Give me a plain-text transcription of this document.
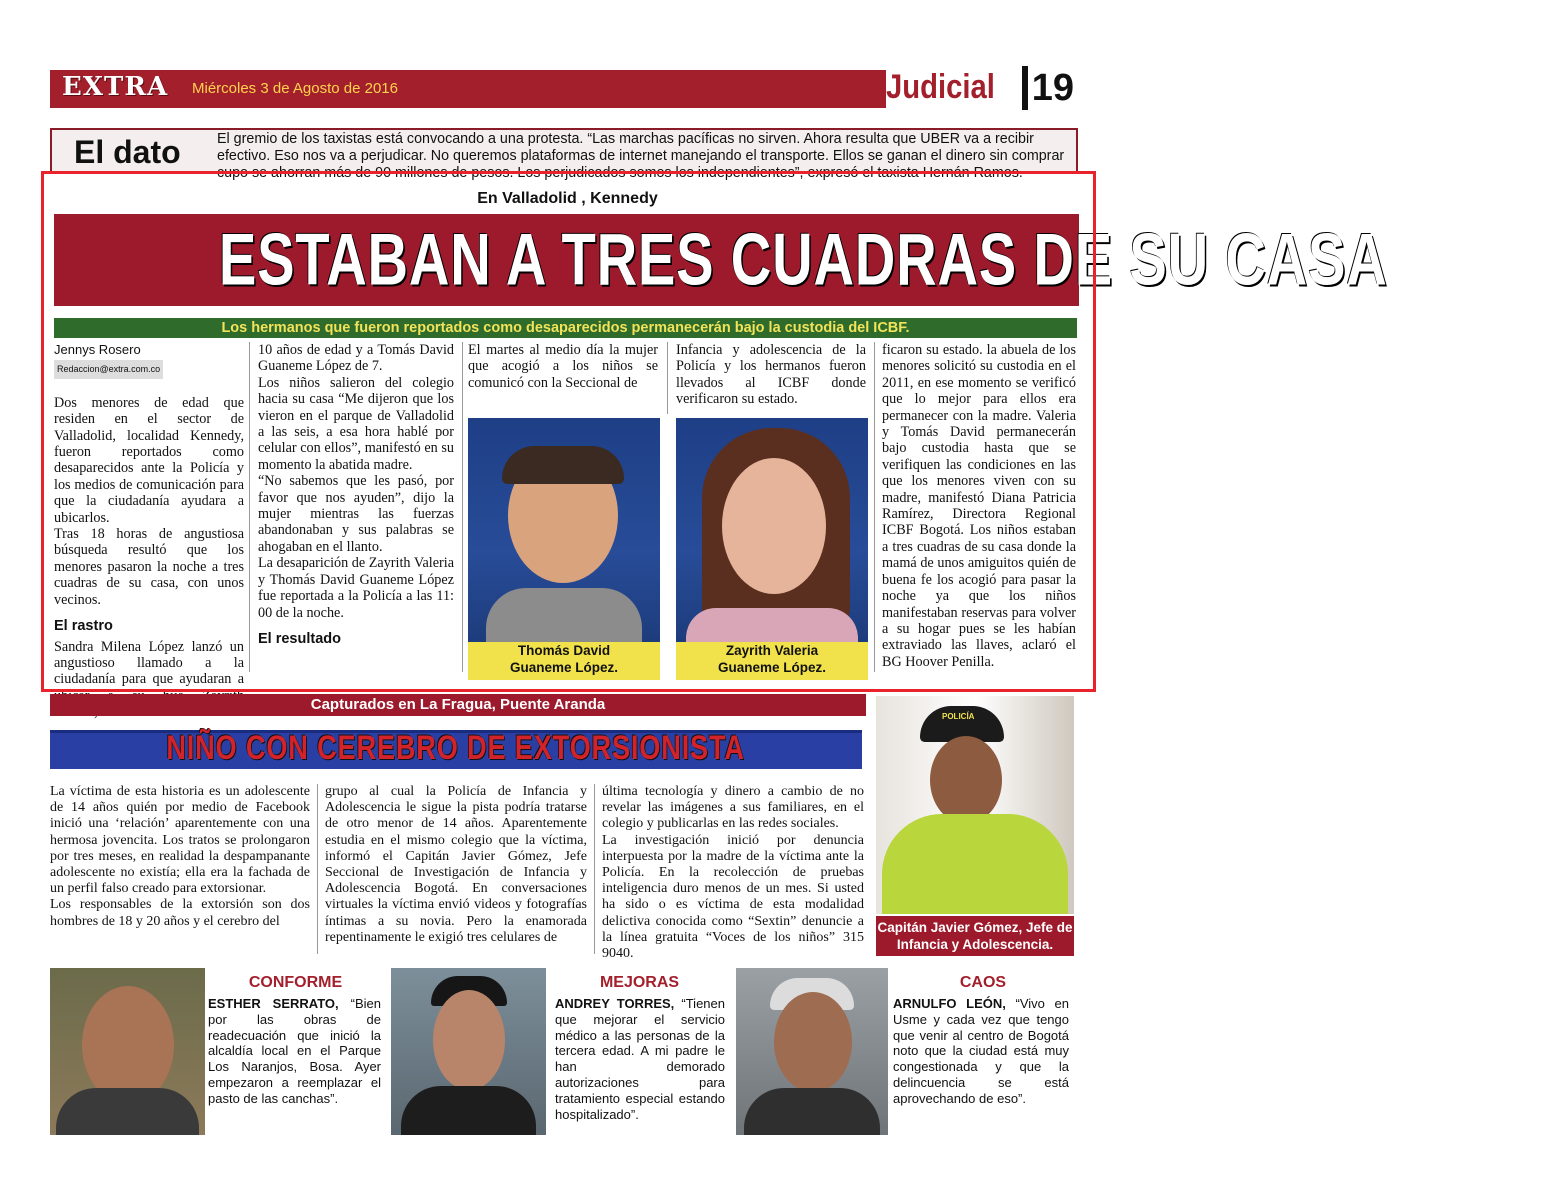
EXTRA Miércoles 3 de Agosto de 2016	Judicial 19
El dato	El gremio de los taxistas está convocando a una protesta. “Las marchas pacíficas no sirven. Ahora resulta que UBER va a recibir efectivo. Eso nos va a perjudicar. No queremos plataformas de internet manejando el transporte. Ellos se ganan el dinero sin comprar cupo se ahorran más de 90 millones de pesos. Los perjudicados somos los independientes”, expresó el taxista Hernán Ramos.
En Valladolid , Kennedy
ESTABAN A TRES CUADRAS DE SU CASA
Los hermanos que fueron reportados como desaparecidos permanecerán bajo la custodia del ICBF.
Jennys Rosero
Redaccion@extra.com.co
Dos menores de edad que residen en el sector de Valladolid, localidad Kennedy, fueron reportados como desaparecidos ante la Policía y los medios de comunicación para que la ciudadanía ayudara a ubicarlos.
Tras 18 horas de angustiosa búsqueda resultó que los menores pasaron la noche a tres cuadras de su casa, con unos vecinos.
El rastro
Sandra Milena López lanzó un angustioso llamado a la ciudadanía para que ayudaran a
10 años de edad y a Tomás David Guaneme López de 7.
Los niños salieron del colegio hacia su casa “Me dijeron que los vieron en el parque de Valladolid a las seis, a esa hora hablé por celular con ellos”, manifestó en su momento la abatida madre.
“No sabemos que les pasó, por favor que nos ayuden”, dijo la mujer mientras las fuerzas abandonaban y sus palabras se ahogaban en el llanto.
La desaparición de Zayrith Valeria y Thomás David Guaneme López fue reportada a la Policía a las 11: 00 de la noche.
El resultado
El martes al medio día la mujer que acogió a los niños se comunicó con la Seccional de
Infancia y adolescencia de la Policía y los hermanos fueron llevados al ICBF donde verificaron su estado.
Thomás David
Guaneme López.
Zayrith Valeria
Guaneme López.
ficaron su estado. la abuela de los menores solicitó su custodia en el 2011, en ese momento se verificó que lo mejor para ellos era permanecer con la madre. Valeria y Tomás David permanecerán bajo custodia hasta que se verifiquen las condiciones en las que los menores viven con su madre, manifestó Diana Patricia Ramírez, Directora Regional ICBF Bogotá. Los niños estaban a tres cuadras de su casa donde la mamá de unos amiguitos quién de buena fe los acogió para pasar la noche ya que los niños manifestaban reservas para volver a su hogar pues se les habían extraviado las llaves, aclaró el BG Hoover Penilla.
Capturados en La Fragua, Puente Aranda
NIÑO CON CEREBRO DE EXTORSIONISTA
La víctima de esta historia es un adolescente de 14 años quién por medio de Facebook inició una ‘relación’ aparentemente con una hermosa jovencita. Los tratos se prolongaron por tres meses, en realidad la despampanante adolescente no existía; ella era la fachada de un perfil falso creado para extorsionar.
Los responsables de la extorsión son dos hombres de 18 y 20 años y el cerebro del
grupo al cual la Policía de Infancia y Adolescencia le sigue la pista podría tratarse de otro menor de 14 años. Aparentemente estudia en el mismo colegio que la víctima, informó el Capitán Javier Gómez, Jefe Seccional de Investigación de Infancia y Adolescencia Bogotá. En conversaciones virtuales la víctima envió videos y fotografías íntimas a su novia. Pero la enamorada repentinamente le exigió tres celulares de
última tecnología y dinero a cambio de no revelar las imágenes a sus familiares, en el colegio y publicarlas en las redes sociales.
La investigación inició por denuncia interpuesta por la madre de la víctima ante la Policía. En la recolección de pruebas inteligencia duro menos de un mes. Si usted ha sido o es víctima de esta modalidad delictiva conocida como “Sextin” denuncie a la línea gratuita “Voces de los niños” 315 9040.
POLICÍA
Capitán Javier Gómez, Jefe de Infancia y Adolescencia.
CONFORME
ESTHER SERRATO, “Bien por las obras de readecuación que inició la alcaldía local en el Parque Los Naranjos, Bosa. Ayer empezaron a reemplazar el pasto de las canchas”.
MEJORAS
ANDREY TORRES, “Tienen que mejorar el servicio médico a las personas de la tercera edad. A mi padre le han demorado autorizaciones para tratamiento especial estando hospitalizado”.
CAOS
ARNULFO LEÓN, “Vivo en Usme y cada vez que tengo que venir al centro de Bogotá noto que la ciudad está muy congestionada y que la delincuencia se está aprovechando de eso”.
